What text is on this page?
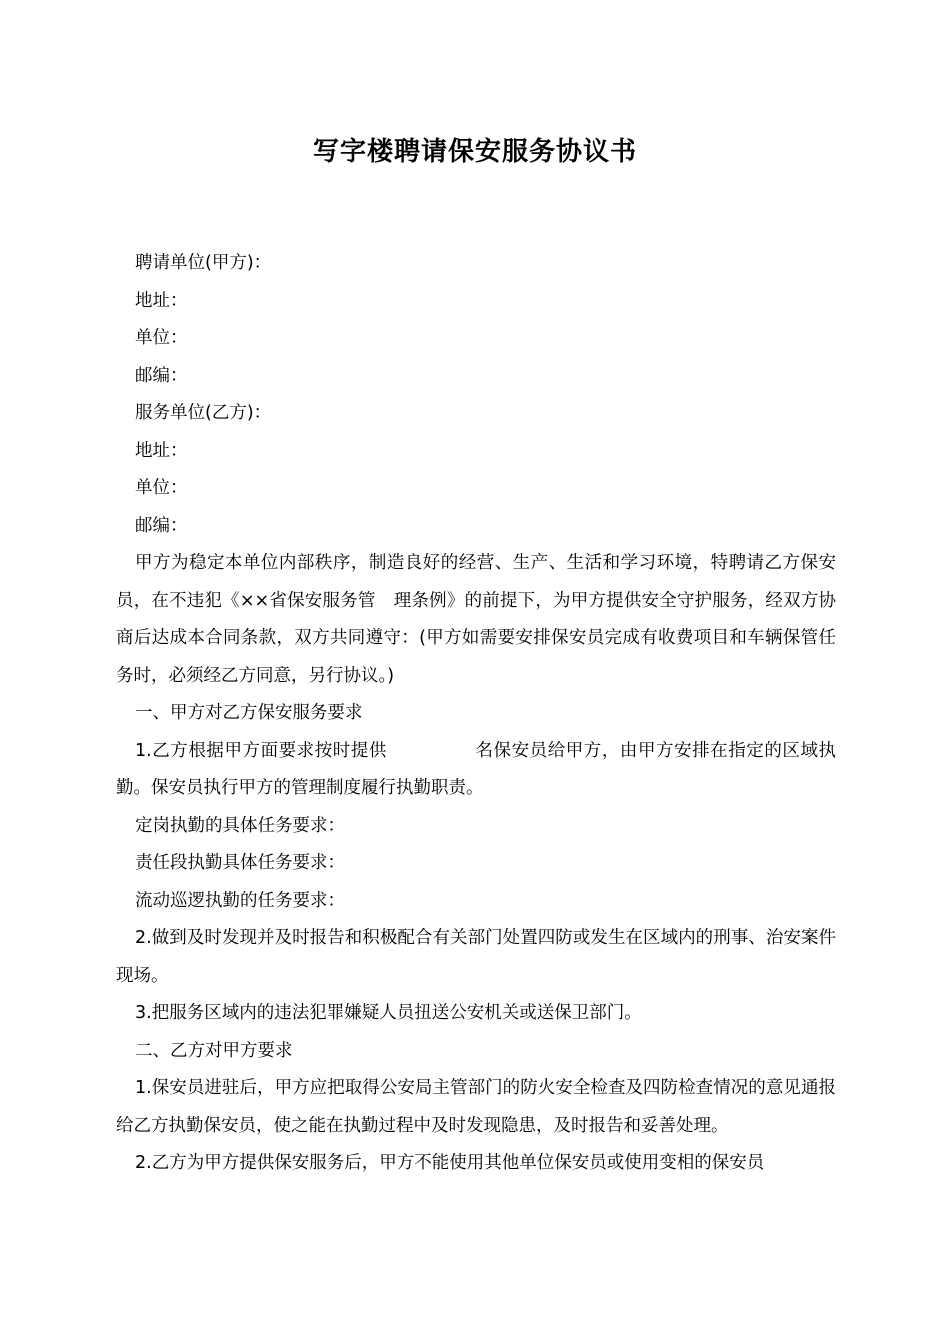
写字楼聘请保安服务协议书

聘请单位(甲方)：

地址：

单位：

邮编：

服务单位(乙方)：

地址：

单位：

邮编：

甲方为稳定本单位内部秩序，制造良好的经营、生产、生活和学习环境，特聘请乙方保安员，在不违犯《××省保安服务管 理条例》的前提下，为甲方提供安全守护服务，经双方协商后达成本合同条款，双方共同遵守：(甲方如需要安排保安员完成有收费项目和车辆保管任务时，必须经乙方同意，另行协议。)

一、甲方对乙方保安服务要求

1.乙方根据甲方面要求按时提供	名保安员给甲方，由甲方安排在指定的区域执勤。保安员执行甲方的管理制度履行执勤职责。

定岗执勤的具体任务要求：

责任段执勤具体任务要求：

流动巡逻执勤的任务要求：

2.做到及时发现并及时报告和积极配合有关部门处置四防或发生在区域内的刑事、治安案件现场。

3.把服务区域内的违法犯罪嫌疑人员扭送公安机关或送保卫部门。

二、乙方对甲方要求

1.保安员进驻后，甲方应把取得公安局主管部门的防火安全检查及四防检查情况的意见通报给乙方执勤保安员，使之能在执勤过程中及时发现隐患，及时报告和妥善处理。

2.乙方为甲方提供保安服务后，甲方不能使用其他单位保安员或使用变相的保安员
